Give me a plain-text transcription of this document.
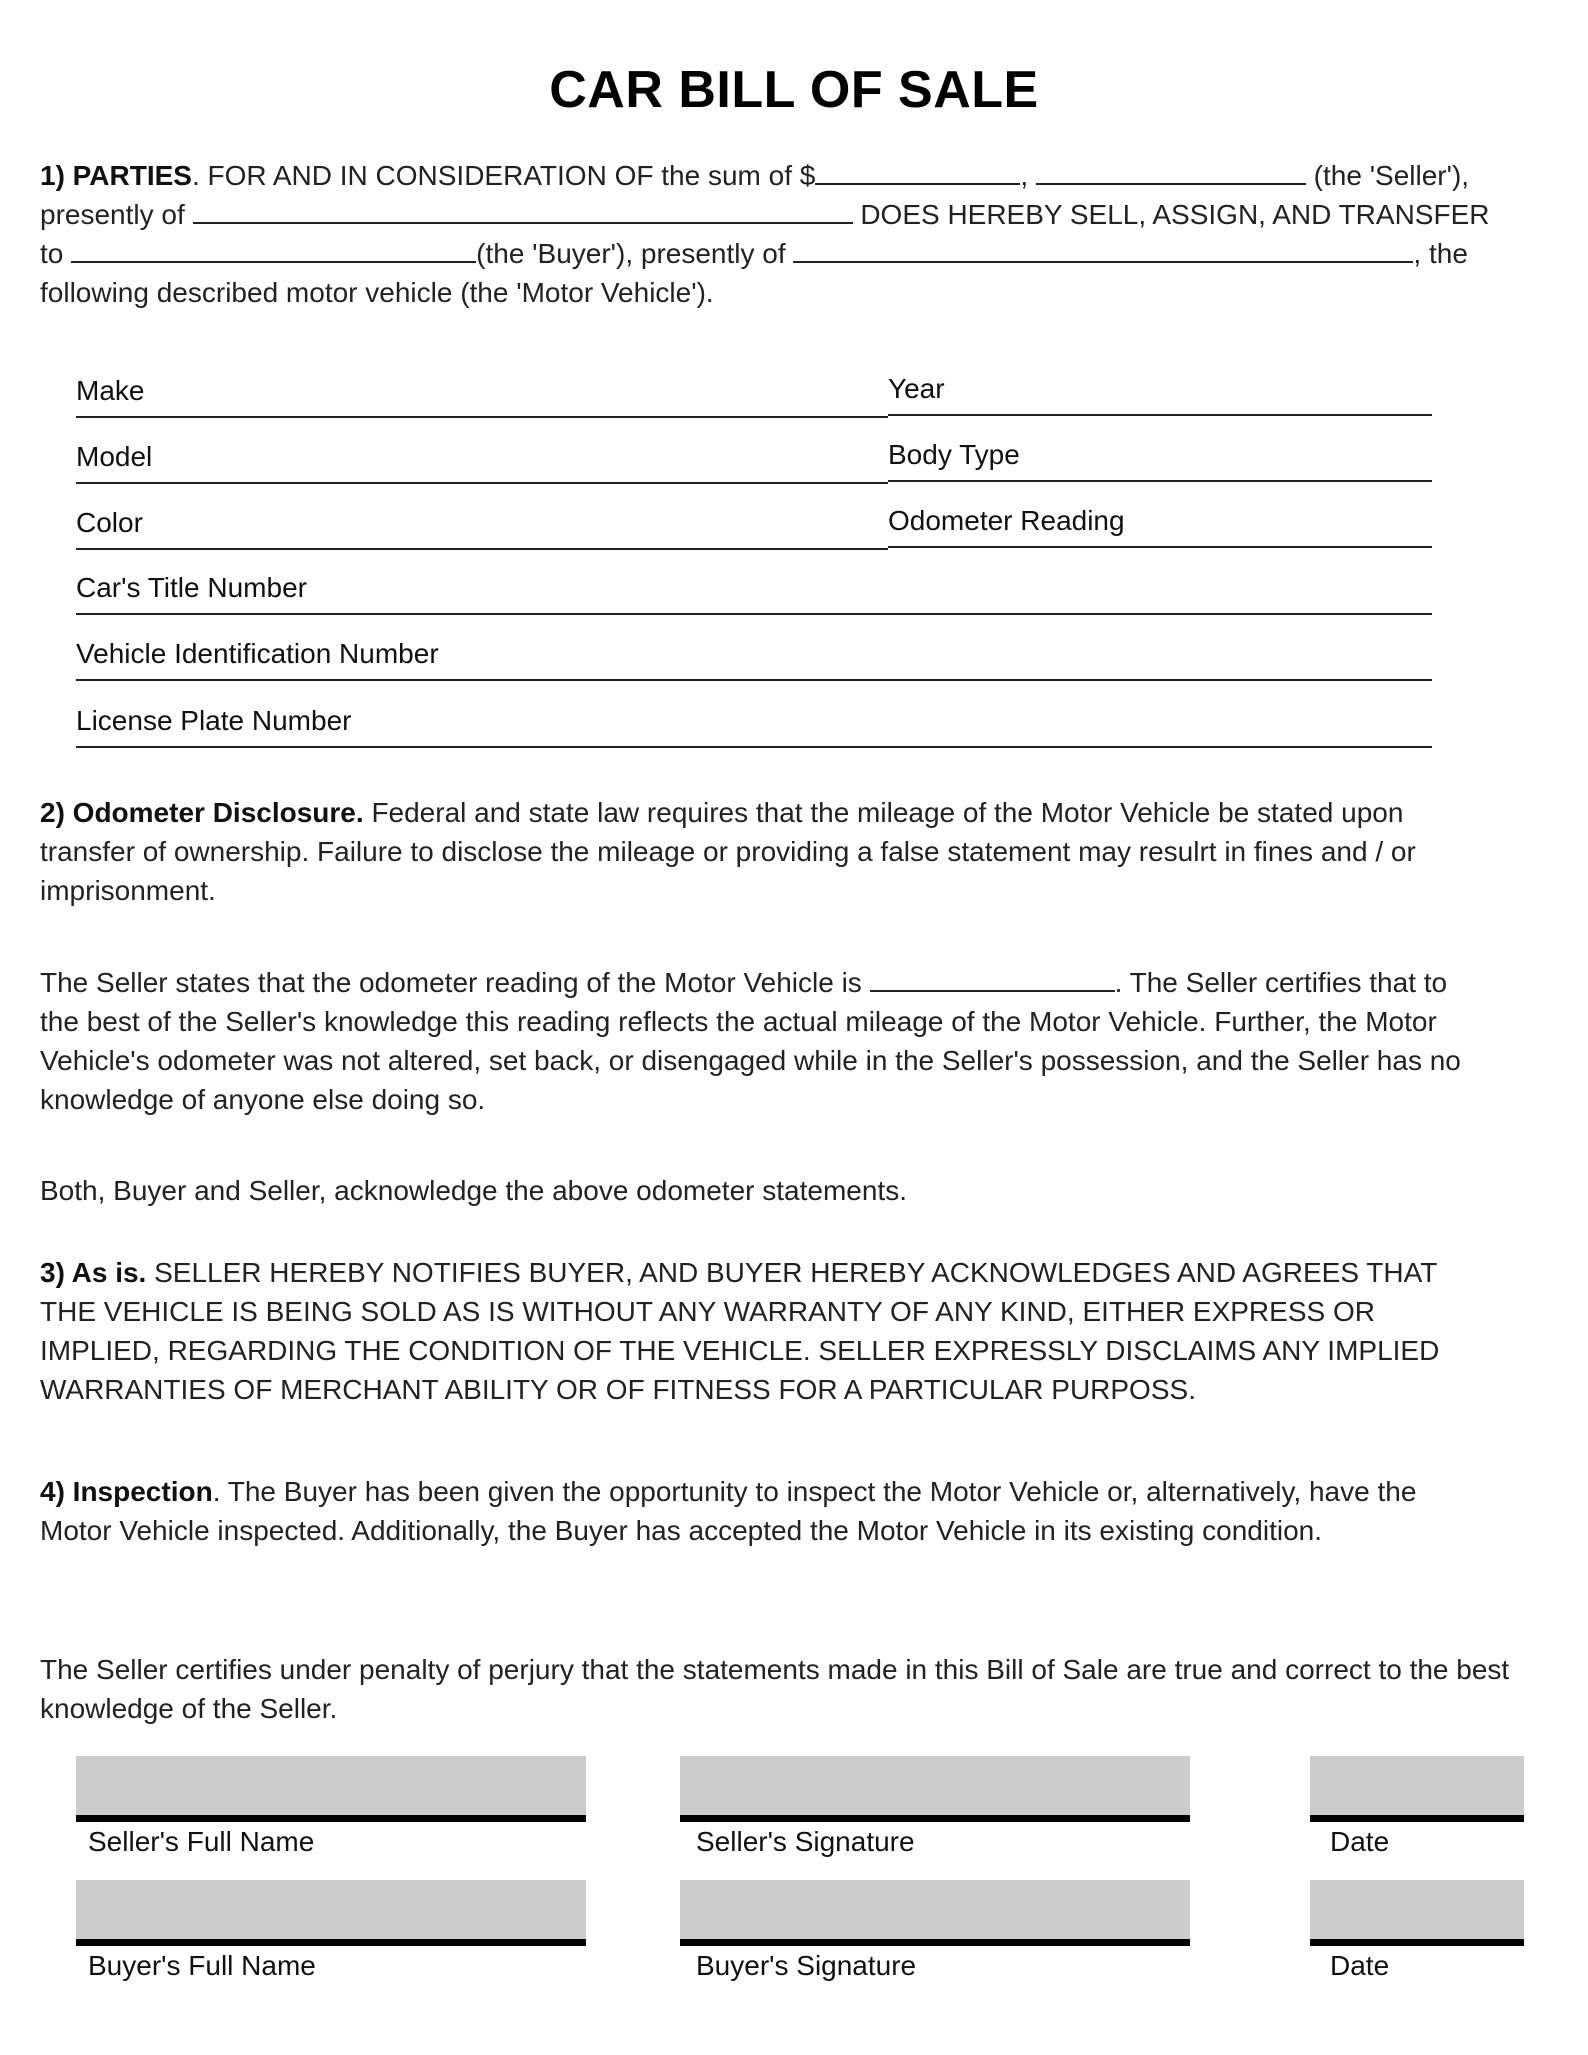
CAR BILL OF SALE
1) PARTIES. FOR AND IN CONSIDERATION OF the sum of $	,	(the 'Seller'),
presently of	DOES HEREBY SELL, ASSIGN, AND TRANSFER
to	(the 'Buyer'), presently of	, the
following described motor vehicle (the 'Motor Vehicle').
Make	Year
Model	Body Type
Color	Odometer Reading
Car's Title Number
Vehicle Identification Number
License Plate Number
2) Odometer Disclosure. Federal and state law requires that the mileage of the Motor Vehicle be stated upon transfer of ownership. Failure to disclose the mileage or providing a false statement may resulrt in fines and / or imprisonment.
The Seller states that the odometer reading of the Motor Vehicle is	. The Seller certifies that to the best of the Seller's knowledge this reading reflects the actual mileage of the Motor Vehicle. Further, the Motor Vehicle's odometer was not altered, set back, or disengaged while in the Seller's possession, and the Seller has no knowledge of anyone else doing so.
Both, Buyer and Seller, acknowledge the above odometer statements.
3) As is. SELLER HEREBY NOTIFIES BUYER, AND BUYER HEREBY ACKNOWLEDGES AND AGREES THAT THE VEHICLE IS BEING SOLD AS IS WITHOUT ANY WARRANTY OF ANY KIND, EITHER EXPRESS OR IMPLIED, REGARDING THE CONDITION OF THE VEHICLE. SELLER EXPRESSLY DISCLAIMS ANY IMPLIED WARRANTIES OF MERCHANT ABILITY OR OF FITNESS FOR A PARTICULAR PURPOSS.
4) Inspection. The Buyer has been given the opportunity to inspect the Motor Vehicle or, alternatively, have the Motor Vehicle inspected. Additionally, the Buyer has accepted the Motor Vehicle in its existing condition.
The Seller certifies under penalty of perjury that the statements made in this Bill of Sale are true and correct to the best knowledge of the Seller.
Seller's Full Name	Seller's Signature	Date
Buyer's Full Name	Buyer's Signature	Date
